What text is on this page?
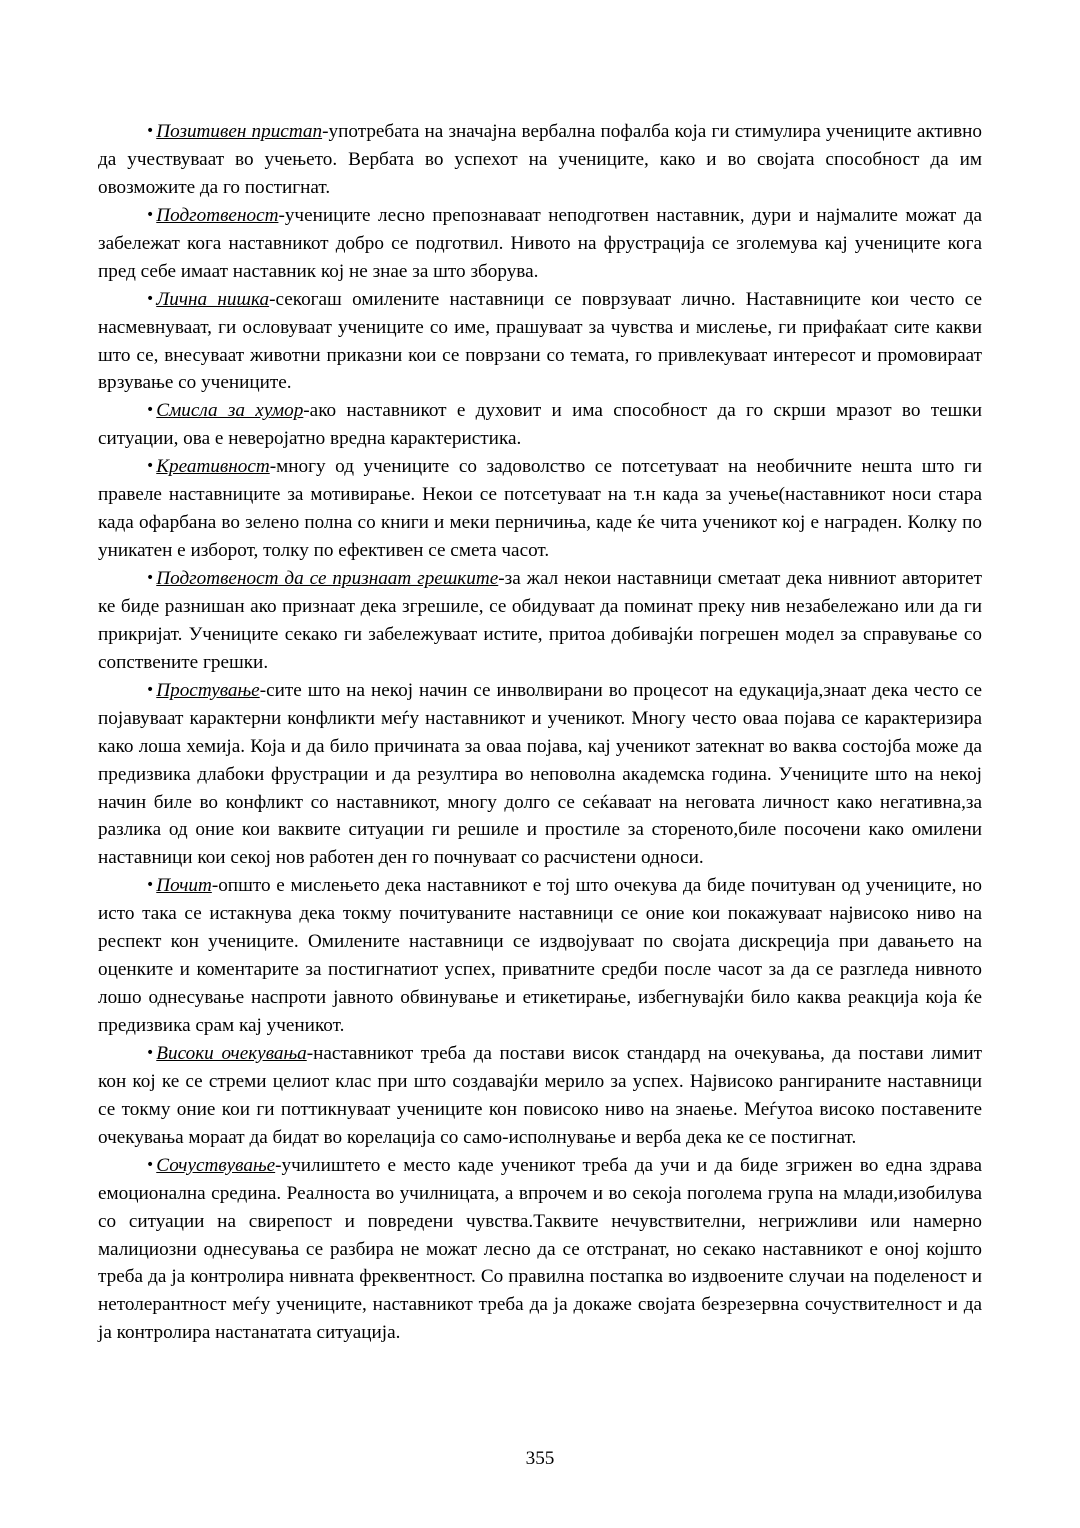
• Позитивен пристап-употребата на значајна вербална пофалба која ги стимулира учениците активно да учествуваат во учењето. Вербата во успехот на учениците, како и во својата способност да им овозможите да го постигнат.

• Подготвеност-учениците лесно препознаваат неподготвен наставник, дури и најмалите можат да забележат кога наставникот добро се подготвил. Нивото на фрустрација се зголемува кај учениците кога пред себе имаат наставник кој не знае за што зборува.

• Лична нишка-секогаш омилените наставници се поврзуваат лично. Наставниците кои често се насмевнуваат, ги ословуваат учениците со име, прашуваат за чувства и мислење, ги прифаќаат сите какви што се, внесуваат животни приказни кои се поврзани со темата, го привлекуваат интересот и промовираат врзување со учениците.

• Смисла за хумор-ако наставникот е духовит и има способност да го скрши мразот во тешки ситуации, ова е неверојатно вредна карактеристика.

• Креативност-многу од учениците со задоволство се потсетуваат на необичните нешта што ги правеле наставниците за мотивирање. Некои се потсетуваат на т.н када за учење(наставникот носи стара када офарбана во зелено полна со книги и меки перничиња, каде ќе чита ученикот кој е награден. Колку по уникатен е изборот, толку по ефективен се смета часот.

• Подготвеност да се признаат грешките-за жал некои наставници сметаат дека нивниот авторитет ке биде разнишан ако признаат дека згрешиле, се обидуваат да поминат преку нив незабележано или да ги прикријат. Учениците секако ги забележуваат истите, притоа добивајќи погрешен модел за справување со сопствените грешки.

• Простување-сите што на некој начин се инволвирани во процесот на едукација,знаат дека често се појавуваат карактерни конфликти меѓу наставникот и ученикот. Многу често оваа појава се карактеризира како лоша хемија. Која и да било причината за оваа појава, кај ученикот затекнат во ваква состојба може да предизвика длабоки фрустрации и да резултира во неповолна академска година. Учениците што на некој начин биле во конфликт со наставникот, многу долго се сеќаваат на неговата личност како негативна,за разлика од оние кои ваквите ситуации ги решиле и простиле за стореното,биле посочени како омилени наставници кои секој нов работен ден го почнуваат со расчистени односи.

• Почит-општо е мислењето дека наставникот е тој што очекува да биде почитуван од учениците, но исто така се истакнува дека токму почитуваните наставници се оние кои покажуваат највисоко ниво на респект кон учениците. Омилените наставници се издвојуваат по својата дискреција при давањето на оценките и коментарите за постигнатиот успех, приватните средби после часот за да се разгледа нивното лошо однесување наспроти јавното обвинување и етикетирање, избегнувајќи било каква реакција која ќе предизвика срам кај ученикот.

• Високи очекувања-наставникот треба да постави висок стандард на очекувања, да постави лимит кон кој ке се стреми целиот клас при што создавајќи мерило за успех. Највисоко рангираните наставници се токму оние кои ги поттикнуваат учениците кон повисоко ниво на знаење. Меѓутоа високо поставените очекувања мораат да бидат во корелација со само-исполнување и верба дека ке се постигнат.

• Сочуствување-училиштето е место каде ученикот треба да учи и да биде згрижен во една здрава емоционална средина. Реалноста во училницата, а впрочем и во секоја поголема група на млади,изобилува со ситуации на свирепост и повредени чувства.Таквите нечувствителни, негрижливи или намерно малициозни однесувања се разбира не можат лесно да се отстранат, но секако наставникот е оној којшто треба да ја контролира нивната фреквентност. Со правилна постапка во издвоените случаи на поделеност и нетолерантност меѓу учениците, наставникот треба да ја докаже својата безрезервна сочуствителност и да ја контролира настанатата ситуација.

355
